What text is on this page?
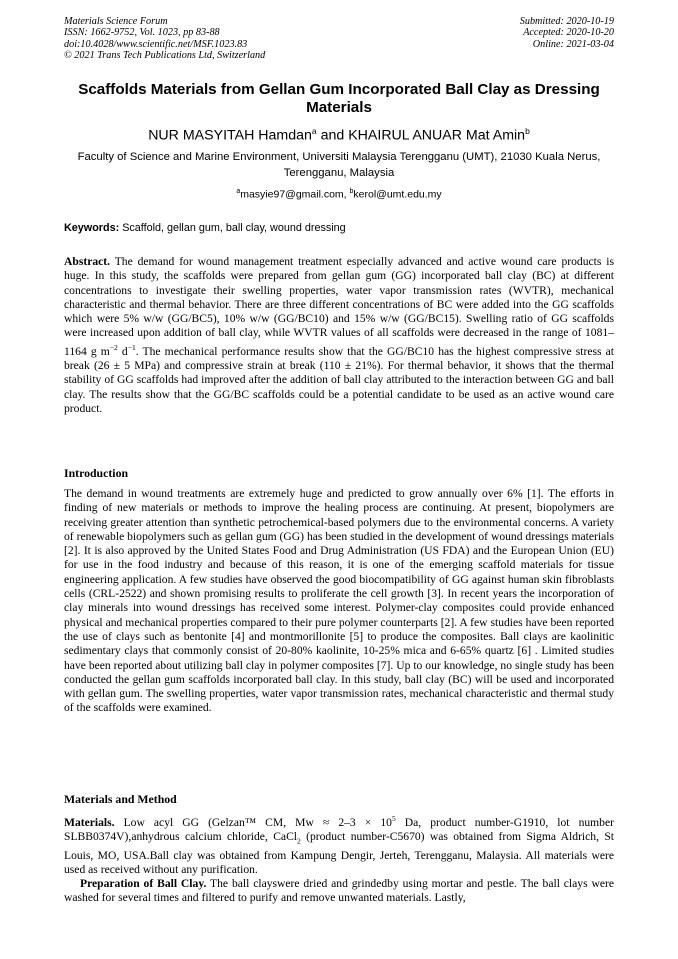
Materials Science Forum
ISSN: 1662-9752, Vol. 1023, pp 83-88
doi:10.4028/www.scientific.net/MSF.1023.83
© 2021 Trans Tech Publications Ltd, Switzerland
Submitted: 2020-10-19
Accepted: 2020-10-20
Online: 2021-03-04
Scaffolds Materials from Gellan Gum Incorporated Ball Clay as Dressing Materials
NUR MASYITAH Hamdan$^a$ and KHAIRUL ANUAR Mat Amin$^b$
Faculty of Science and Marine Environment, Universiti Malaysia Terengganu (UMT), 21030 Kuala Nerus, Terengganu, Malaysia
$^a$masyie97@gmail.com, $^b$kerol@umt.edu.my
Keywords: Scaffold, gellan gum, ball clay, wound dressing
Abstract. The demand for wound management treatment especially advanced and active wound care products is huge. In this study, the scaffolds were prepared from gellan gum (GG) incorporated ball clay (BC) at different concentrations to investigate their swelling properties, water vapor transmission rates (WVTR), mechanical characteristic and thermal behavior. There are three different concentrations of BC were added into the GG scaffolds which were 5% w/w (GG/BC5), 10% w/w (GG/BC10) and 15% w/w (GG/BC15). Swelling ratio of GG scaffolds were increased upon addition of ball clay, while WVTR values of all scaffolds were decreased in the range of 1081–1164 g $m^{-2}$ $d^{-1}$. The mechanical performance results show that the GG/BC10 has the highest compressive stress at break (26 ± 5 MPa) and compressive strain at break (110 ± 21%). For thermal behavior, it shows that the thermal stability of GG scaffolds had improved after the addition of ball clay attributed to the interaction between GG and ball clay. The results show that the GG/BC scaffolds could be a potential candidate to be used as an active wound care product.
Introduction
The demand in wound treatments are extremely huge and predicted to grow annually over 6% [1]. The efforts in finding of new materials or methods to improve the healing process are continuing. At present, biopolymers are receiving greater attention than synthetic petrochemical-based polymers due to the environmental concerns. A variety of renewable biopolymers such as gellan gum (GG) has been studied in the development of wound dressings materials [2]. It is also approved by the United States Food and Drug Administration (US FDA) and the European Union (EU) for use in the food industry and because of this reason, it is one of the emerging scaffold materials for tissue engineering application. A few studies have observed the good biocompatibility of GG against human skin fibroblasts cells (CRL-2522) and shown promising results to proliferate the cell growth [3]. In recent years the incorporation of clay minerals into wound dressings has received some interest. Polymer-clay composites could provide enhanced physical and mechanical properties compared to their pure polymer counterparts [2]. A few studies have been reported the use of clays such as bentonite [4] and montmorillonite [5] to produce the composites. Ball clays are kaolinitic sedimentary clays that commonly consist of 20-80% kaolinite, 10-25% mica and 6-65% quartz [6] . Limited studies have been reported about utilizing ball clay in polymer composites [7]. Up to our knowledge, no single study has been conducted the gellan gum scaffolds incorporated ball clay. In this study, ball clay (BC) will be used and incorporated with gellan gum. The swelling properties, water vapor transmission rates, mechanical characteristic and thermal study of the scaffolds were examined.
Materials and Method
Materials. Low acyl GG (Gelzan™ CM, $Mw \approx 2-3 \times 10^5$ Da, product number-G1910, lot number SLBB0374V),anhydrous calcium chloride, CaCl$_2$ (product number-C5670) was obtained from Sigma Aldrich, St Louis, MO, USA.Ball clay was obtained from Kampung Dengir, Jerteh, Terengganu, Malaysia. All materials were used as received without any purification.
Preparation of Ball Clay. The ball clayswere dried and grindedby using mortar and pestle. The ball clays were washed for several times and filtered to purify and remove unwanted materials. Lastly,
